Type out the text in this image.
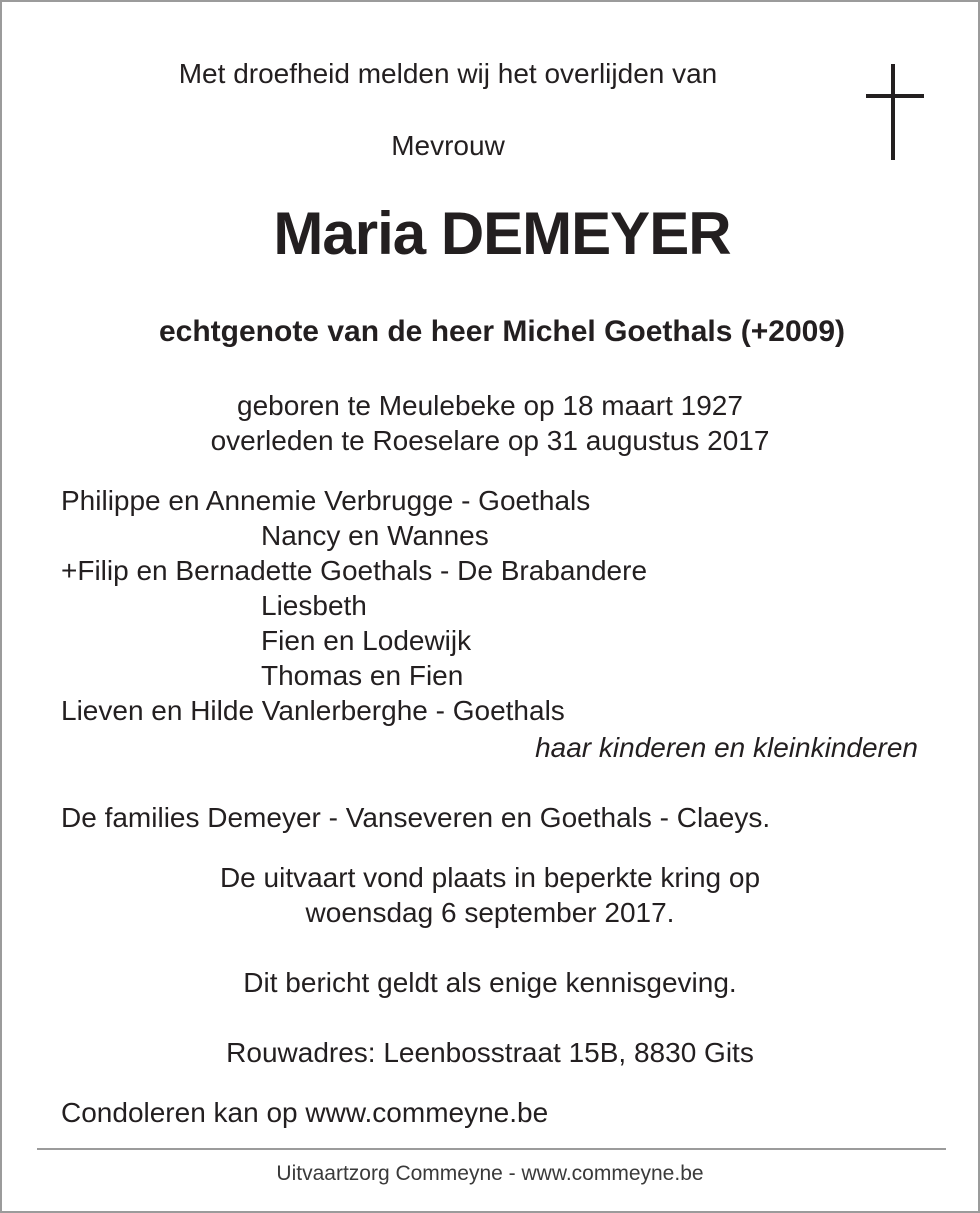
Met droefheid melden wij het overlijden van
Mevrouw
Maria DEMEYER
echtgenote van de heer Michel Goethals (+2009)
geboren te Meulebeke op 18 maart 1927
overleden te Roeselare op 31 augustus 2017
Philippe en Annemie Verbrugge - Goethals
Nancy en Wannes
+Filip en Bernadette Goethals - De Brabandere
Liesbeth
Fien en Lodewijk
Thomas en Fien
Lieven en Hilde Vanlerberghe - Goethals
haar kinderen en kleinkinderen
De families Demeyer - Vanseveren en Goethals - Claeys.
De uitvaart vond plaats in beperkte kring op
woensdag 6 september 2017.
Dit bericht geldt als enige kennisgeving.
Rouwadres: Leenbosstraat 15B, 8830 Gits
Condoleren kan op www.commeyne.be
Uitvaartzorg Commeyne - www.commeyne.be
